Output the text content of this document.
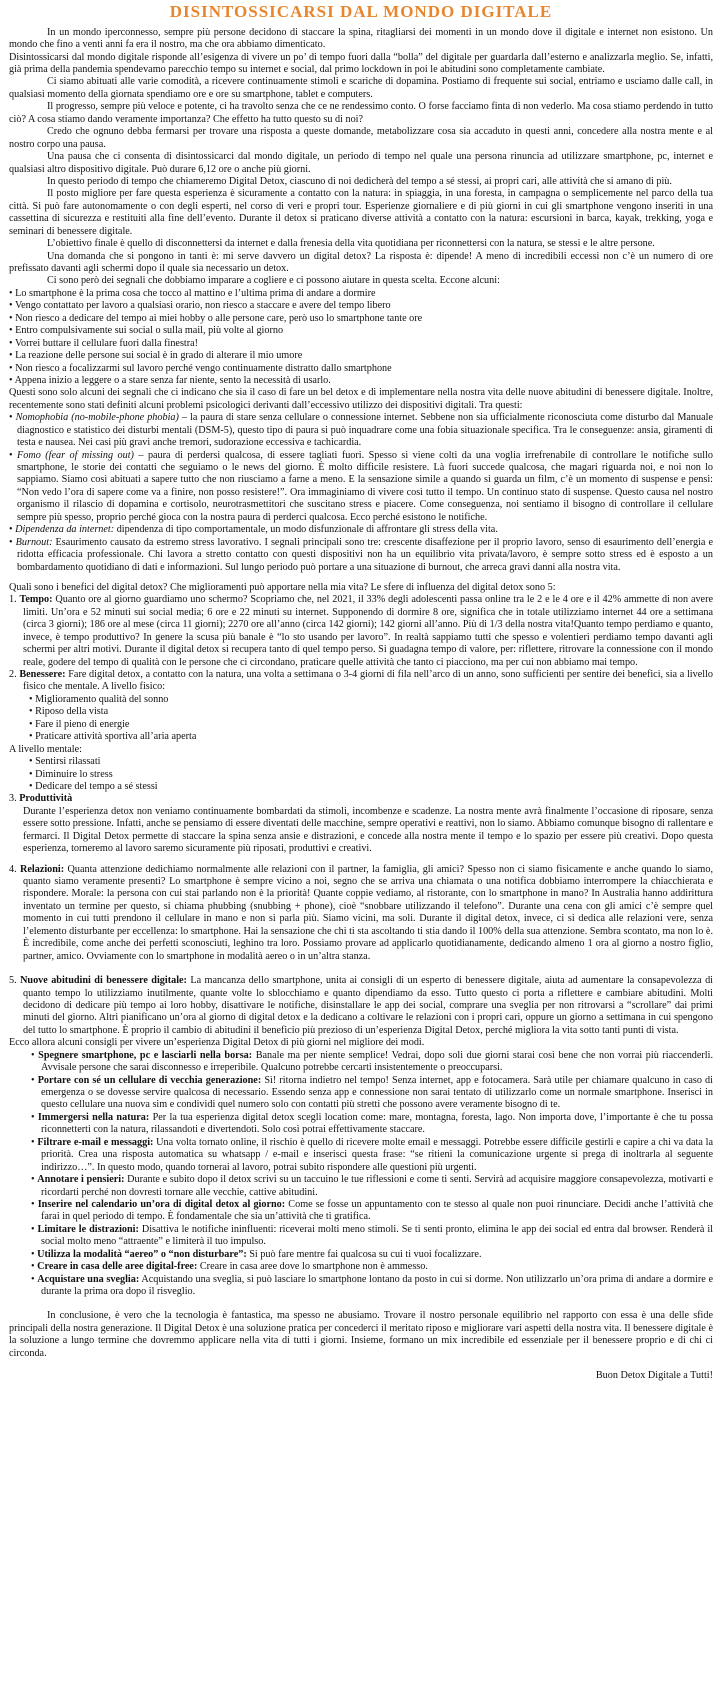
DISINTOSSICARSI DAL MONDO DIGITALE

In un mondo iperconnesso, sempre più persone decidono di staccare la spina, ritagliarsi dei momenti in un mondo dove il digitale e internet non esistono. Un mondo che fino a venti anni fa era il nostro, ma che ora abbiamo dimenticato.

Disintossicarsi dal mondo digitale risponde all’esigenza di vivere un po’ di tempo fuori dalla “bolla” del digitale per guardarla dall’esterno e analizzarla meglio. Se, infatti, già prima della pandemia spendevamo parecchio tempo su internet e social, dal primo lockdown in poi le abitudini sono completamente cambiate.

Ci siamo abituati alle varie comodità, a ricevere continuamente stimoli e scariche di dopamina. Postiamo di frequente sui social, entriamo e usciamo dalle call, in qualsiasi momento della giornata spendiamo ore e ore su smartphone, tablet e computers.

Il progresso, sempre più veloce e potente, ci ha travolto senza che ce ne rendessimo conto. O forse facciamo finta di non vederlo. Ma cosa stiamo perdendo in tutto ciò? A cosa stiamo dando veramente importanza? Che effetto ha tutto questo su di noi?

Credo che ognuno debba fermarsi per trovare una risposta a queste domande, metabolizzare cosa sia accaduto in questi anni, concedere alla nostra mente e al nostro corpo una pausa.

Una pausa che ci consenta di disintossicarci dal mondo digitale, un periodo di tempo nel quale una persona rinuncia ad utilizzare smartphone, pc, internet e qualsiasi altro dispositivo digitale. Può durare 6,12 ore o anche più giorni.

In questo periodo di tempo che chiameremo Digital Detox, ciascuno di noi dedicherà del tempo a sé stessi, ai propri cari, alle attività che si amano di più.

Il posto migliore per fare questa esperienza è sicuramente a contatto con la natura: in spiaggia, in una foresta, in campagna o semplicemente nel parco della tua città. Si può fare autonomamente o con degli esperti, nel corso di veri e propri tour. Esperienze giornaliere e di più giorni in cui gli smartphone vengono inseriti in una cassettina di sicurezza e restituiti alla fine dell’evento. Durante il detox si praticano diverse attività a contatto con la natura: escursioni in barca, kayak, trekking, yoga e seminari di benessere digitale.

L’obiettivo finale è quello di disconnettersi da internet e dalla frenesia della vita quotidiana per riconnettersi con la natura, se stessi e le altre persone.

Una domanda che si pongono in tanti è: mi serve davvero un digital detox? La risposta è: dipende! A meno di incredibili eccessi non c’è un numero di ore prefissato davanti agli schermi dopo il quale sia necessario un detox.

Ci sono però dei segnali che dobbiamo imparare a cogliere e ci possono aiutare in questa scelta. Eccone alcuni:

• Lo smartphone è la prima cosa che tocco al mattino e l’ultima prima di andare a dormire

• Vengo contattato per lavoro a qualsiasi orario, non riesco a staccare e avere del tempo libero

• Non riesco a dedicare del tempo ai miei hobby o alle persone care, però uso lo smartphone tante ore

• Entro compulsivamente sui social o sulla mail, più volte al giorno

• Vorrei buttare il cellulare fuori dalla finestra!

• La reazione delle persone sui social è in grado di alterare il mio umore

• Non riesco a focalizzarmi sul lavoro perché vengo continuamente distratto dallo smartphone

• Appena inizio a leggere o a stare senza far niente, sento la necessità di usarlo.

Questi sono solo alcuni dei segnali che ci indicano che sia il caso di fare un bel detox e di implementare nella nostra vita delle nuove abitudini di benessere digitale. Inoltre, recentemente sono stati definiti alcuni problemi psicologici derivanti dall’eccessivo utilizzo dei dispositivi digitali. Tra questi:

• Nomophobia (no-mobile-phone phobia) – la paura di stare senza cellulare o connessione internet. Sebbene non sia ufficialmente riconosciuta come disturbo dal Manuale diagnostico e statistico dei disturbi mentali (DSM-5), questo tipo di paura si può inquadrare come una fobia situazionale specifica. Tra le conseguenze: ansia, giramenti di testa e nausea. Nei casi più gravi anche tremori, sudorazione eccessiva e tachicardia.

• Fomo (fear of missing out) – paura di perdersi qualcosa, di essere tagliati fuori. Spesso si viene colti da una voglia irrefrenabile di controllare le notifiche sullo smartphone, le storie dei contatti che seguiamo o le news del giorno. È molto difficile resistere. Là fuori succede qualcosa, che magari riguarda noi, e noi non lo sappiamo. Siamo così abituati a sapere tutto che non riusciamo a farne a meno. E la sensazione simile a quando si guarda un film, c’è un momento di suspense e pensi: “Non vedo l’ora di sapere come va a finire, non posso resistere!”. Ora immaginiamo di vivere così tutto il tempo. Un continuo stato di suspense. Questo causa nel nostro organismo il rilascio di dopamina e cortisolo, neurotrasmettitori che suscitano stress e piacere. Come conseguenza, noi sentiamo il bisogno di controllare il cellulare sempre più spesso, proprio perché gioca con la nostra paura di perderci qualcosa. Ecco perché esistono le notifiche.

• Dipendenza da internet: dipendenza di tipo comportamentale, un modo disfunzionale di affrontare gli stress della vita.

• Burnout: Esaurimento causato da estremo stress lavorativo. I segnali principali sono tre: crescente disaffezione per il proprio lavoro, senso di esaurimento dell’energia e ridotta efficacia professionale. Chi lavora a stretto contatto con questi dispositivi non ha un equilibrio vita privata/lavoro, è sempre sotto stress ed è esposto a un bombardamento quotidiano di dati e informazioni. Sul lungo periodo può portare a una situazione di burnout, che arreca gravi danni alla nostra vita.

Quali sono i benefici del digital detox? Che miglioramenti può apportare nella mia vita? Le sfere di influenza del digital detox sono 5:

1. Tempo: Quanto ore al giorno guardiamo uno schermo? Scopriamo che, nel 2021, il 33% degli adolescenti passa online tra le 2 e le 4 ore e il 42% ammette di non avere limiti. Un’ora e 52 minuti sui social media; 6 ore e 22 minuti su internet. Supponendo di dormire 8 ore, significa che in totale utilizziamo internet 44 ore a settimana (circa 3 giorni); 186 ore al mese (circa 11 giorni); 2270 ore all’anno (circa 142 giorni); 142 giorni all’anno. Più di 1/3 della nostra vita!Quanto tempo perdiamo e quanto, invece, è tempo produttivo? In genere la scusa più banale è “lo sto usando per lavoro”. In realtà sappiamo tutti che spesso e volentieri perdiamo tempo davanti agli schermi per altri motivi. Durante il digital detox si recupera tanto di quel tempo perso. Si guadagna tempo di valore, per: riflettere, ritrovare la connessione con il mondo reale, godere del tempo di qualità con le persone che ci circondano, praticare quelle attività che tanto ci piacciono, ma per cui non abbiamo mai tempo.

2. Benessere: Fare digital detox, a contatto con la natura, una volta a settimana o 3-4 giorni di fila nell’arco di un anno, sono sufficienti per sentire dei benefici, sia a livello fisico che mentale. A livello fisico:

• Miglioramento qualità del sonno

• Riposo della vista

• Fare il pieno di energie

• Praticare attività sportiva all’aria aperta

A livello mentale:

• Sentirsi rilassati

• Diminuire lo stress

• Dedicare del tempo a sé stessi

3. Produttività

Durante l’esperienza detox non veniamo continuamente bombardati da stimoli, incombenze e scadenze. La nostra mente avrà finalmente l’occasione di riposare, senza essere sotto pressione. Infatti, anche se pensiamo di essere diventati delle macchine, sempre operativi e reattivi, non lo siamo. Abbiamo comunque bisogno di rallentare e fermarci. Il Digital Detox permette di staccare la spina senza ansie e distrazioni, e concede alla nostra mente il tempo e lo spazio per essere più creativi. Dopo questa esperienza, torneremo al lavoro saremo sicuramente più riposati, produttivi e creativi.

4. Relazioni: Quanta attenzione dedichiamo normalmente alle relazioni con il partner, la famiglia, gli amici? Spesso non ci siamo fisicamente e anche quando lo siamo, quanto siamo veramente presenti? Lo smartphone è sempre vicino a noi, segno che se arriva una chiamata o una notifica dobbiamo interrompere la chiacchierata e rispondere. Morale: la persona con cui stai parlando non è la priorità! Quante coppie vediamo, al ristorante, con lo smartphone in mano? In Australia hanno addirittura inventato un termine per questo, si chiama phubbing (snubbing + phone), cioè “snobbare utilizzando il telefono”. Durante una cena con gli amici c’è sempre quel momento in cui tutti prendono il cellulare in mano e non si parla più. Siamo vicini, ma soli. Durante il digital detox, invece, ci si dedica alle relazioni vere, senza l’elemento disturbante per eccellenza: lo smartphone. Hai la sensazione che chi ti sta ascoltando ti stia dando il 100% della sua attenzione. Sembra scontato, ma non lo è. È incredibile, come anche dei perfetti sconosciuti, leghino tra loro. Possiamo provare ad applicarlo quotidianamente, dedicando almeno 1 ora al giorno a nostro figlio, partner, amico. Ovviamente con lo smartphone in modalità aereo o in un’altra stanza.

5. Nuove abitudini di benessere digitale: La mancanza dello smartphone, unita ai consigli di un esperto di benessere digitale, aiuta ad aumentare la consapevolezza di quanto tempo lo utilizziamo inutilmente, quante volte lo sblocchiamo e quanto dipendiamo da esso. Tutto questo ci porta a riflettere e cambiare abitudini. Molti decidono di dedicare più tempo ai loro hobby, disattivare le notifiche, disinstallare le app dei social, comprare una sveglia per non ritrovarsi a “scrollare” dai primi minuti del giorno. Altri pianificano un’ora al giorno di digital detox e la dedicano a coltivare le relazioni con i propri cari, oppure un giorno a settimana in cui spengono del tutto lo smartphone. È proprio il cambio di abitudini il beneficio più prezioso di un’esperienza Digital Detox, perché migliora la vita sotto tanti punti di vista.

Ecco allora alcuni consigli per vivere un’esperienza Digital Detox di più giorni nel migliore dei modi.

• Spegnere smartphone, pc e lasciarli nella borsa: Banale ma per niente semplice! Vedrai, dopo soli due giorni starai così bene che non vorrai più riaccenderli. Avvisale persone che sarai disconnesso e irreperibile. Qualcuno potrebbe cercarti insistentemente o preoccuparsi.
• Portare con sé un cellulare di vecchia generazione: Sì! ritorna indietro nel tempo! Senza internet, app e fotocamera. Sarà utile per chiamare qualcuno in caso di emergenza o se dovesse servire qualcosa di necessario. Essendo senza app e connessione non sarai tentato di utilizzarlo come un normale smartphone. Inserisci in questo cellulare una nuova sim e condividi quel numero solo con contatti più stretti che possono avere veramente bisogno di te.
• Immergersi nella natura: Per la tua esperienza digital detox scegli location come: mare, montagna, foresta, lago. Non importa dove, l’importante è che tu possa riconnetterti con la natura, rilassandoti e divertendoti. Solo così potrai effettivamente staccare.
• Filtrare e-mail e messaggi: Una volta tornato online, il rischio è quello di ricevere molte email e messaggi. Potrebbe essere difficile gestirli e capire a chi va data la priorità. Crea una risposta automatica su whatsapp / e-mail e inserisci questa frase: “se ritieni la comunicazione urgente si prega di inoltrarla al seguente indirizzo…”. In questo modo, quando tornerai al lavoro, potrai subito rispondere alle questioni più urgenti.
• Annotare i pensieri: Durante e subito dopo il detox scrivi su un taccuino le tue riflessioni e come ti senti. Servirà ad acquisire maggiore consapevolezza, motivarti e ricordarti perché non dovresti tornare alle vecchie, cattive abitudini.
• Inserire nel calendario un’ora di digital detox al giorno: Come se fosse un appuntamento con te stesso al quale non puoi rinunciare. Decidi anche l’attività che farai in quel periodo di tempo. È fondamentale che sia un’attività che ti gratifica.
• Limitare le distrazioni: Disattiva le notifiche ininfluenti: riceverai molti meno stimoli. Se ti senti pronto, elimina le app dei social ed entra dal browser. Renderà il social molto meno “attraente” e limiterà il tuo impulso.
• Utilizza la modalità “aereo” o “non disturbare”: Si può fare mentre fai qualcosa su cui ti vuoi focalizzare.
• Creare in casa delle aree digital-free: Creare in casa aree dove lo smartphone non è ammesso.
• Acquistare una sveglia: Acquistando una sveglia, si può lasciare lo smartphone lontano da posto in cui si dorme. Non utilizzarlo un’ora prima di andare a dormire e durante la prima ora dopo il risveglio.

In conclusione, è vero che la tecnologia è fantastica, ma spesso ne abusiamo. Trovare il nostro personale equilibrio nel rapporto con essa è una delle sfide principali della nostra generazione. Il Digital Detox è una soluzione pratica per concederci il meritato riposo e migliorare vari aspetti della nostra vita. Il benessere digitale è la soluzione a lungo termine che dovremmo applicare nella vita di tutti i giorni. Insieme, formano un mix incredibile ed essenziale per il benessere proprio e di chi ci circonda.

Buon Detox Digitale a Tutti!
